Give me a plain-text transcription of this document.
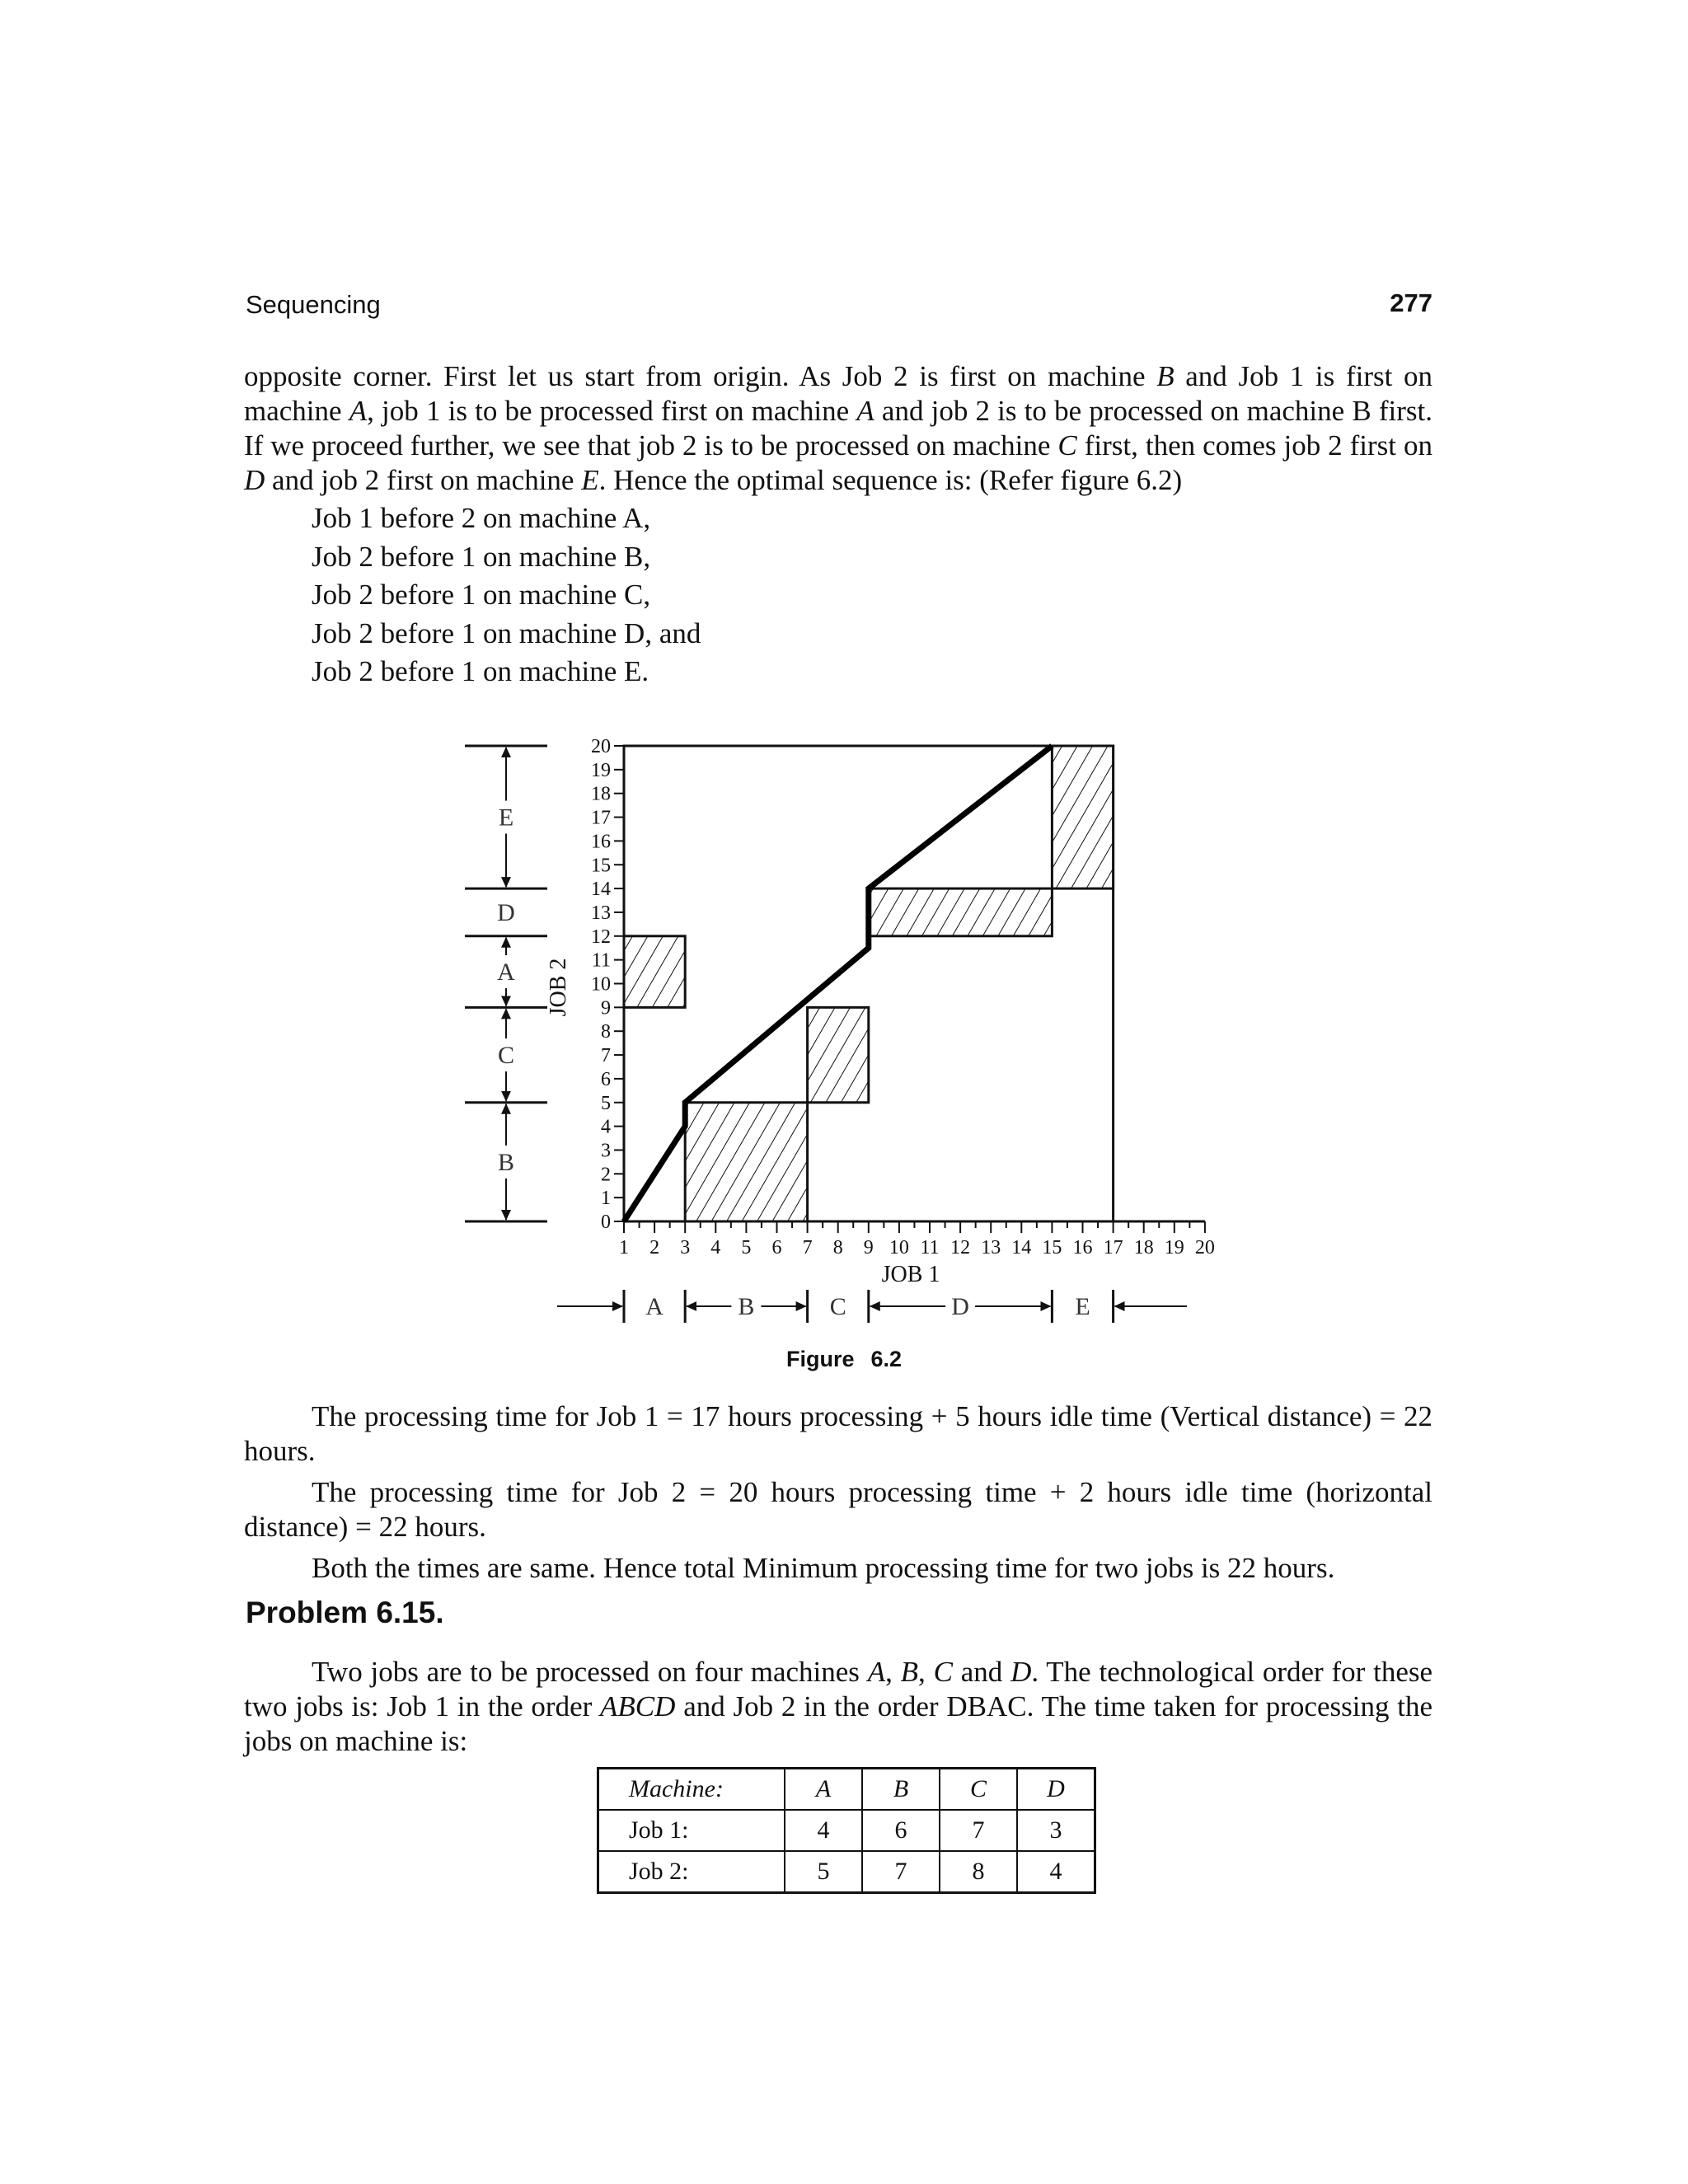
Sequencing	277

opposite corner. First let us start from origin. As Job 2 is first on machine B and Job 1 is first on machine A, job 1 is to be processed first on machine A and job 2 is to be processed on machine B first. If we proceed further, we see that job 2 is to be processed on machine C first, then comes job 2 first on D and job 2 first on machine E. Hence the optimal sequence is: (Refer figure 6.2)

Job 1 before 2 on machine A,
Job 2 before 1 on machine B,
Job 2 before 1 on machine C,
Job 2 before 1 on machine D, and
Job 2 before 1 on machine E.
1 2 3 4 5 6 7 8 9 10 11 12 13 14 15 16 17 18 19 20
0
1
2
3
4
5
6
7
8
9
10
11
12
13
14
15
16
17
18
19
20
B
C
A
D
E
A	B	C	D	E
JOB 1
JOB 2
Figure 6.2

The processing time for Job 1 = 17 hours processing + 5 hours idle time (Vertical distance) = 22 hours.

The processing time for Job 2 = 20 hours processing time + 2 hours idle time (horizontal distance) = 22 hours.

Both the times are same. Hence total Minimum processing time for two jobs is 22 hours.

Problem 6.15.

Two jobs are to be processed on four machines A, B, C and D. The technological order for these two jobs is: Job 1 in the order ABCD and Job 2 in the order DBAC. The time taken for processing the jobs on machine is:

Machine:	A	B	C	D
Job 1:	4	6	7	3
Job 2:	5	7	8	4
